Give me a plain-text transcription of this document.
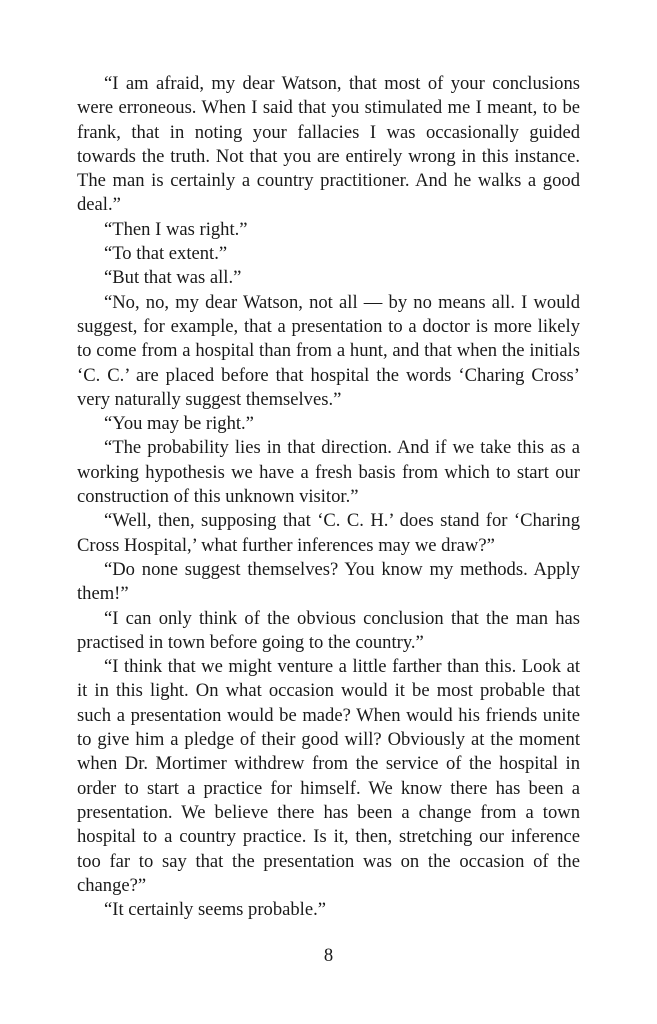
“I am afraid, my dear Watson, that most of your conclusions were erroneous. When I said that you stimulated me I meant, to be frank, that in noting your fallacies I was occasionally guided towards the truth. Not that you are entirely wrong in this instance. The man is certainly a country practitioner. And he walks a good deal.”

“Then I was right.”

“To that extent.”

“But that was all.”

“No, no, my dear Watson, not all — by no means all. I would suggest, for example, that a presentation to a doctor is more likely to come from a hospital than from a hunt, and that when the initials ‘C. C.’ are placed before that hospital the words ‘Charing Cross’ very naturally suggest themselves.”

“You may be right.”

“The probability lies in that direction. And if we take this as a working hypothesis we have a fresh basis from which to start our construction of this unknown visitor.”

“Well, then, supposing that ‘C. C. H.’ does stand for ‘Charing Cross Hospital,’ what further inferences may we draw?”

“Do none suggest themselves? You know my methods. Apply them!”

“I can only think of the obvious conclusion that the man has practised in town before going to the country.”

“I think that we might venture a little farther than this. Look at it in this light. On what occasion would it be most probable that such a presentation would be made? When would his friends unite to give him a pledge of their good will? Obviously at the moment when Dr. Mortimer withdrew from the service of the hospital in order to start a practice for himself. We know there has been a presentation. We believe there has been a change from a town hospital to a country practice. Is it, then, stretching our inference too far to say that the presentation was on the occasion of the change?”

“It certainly seems probable.”

8
